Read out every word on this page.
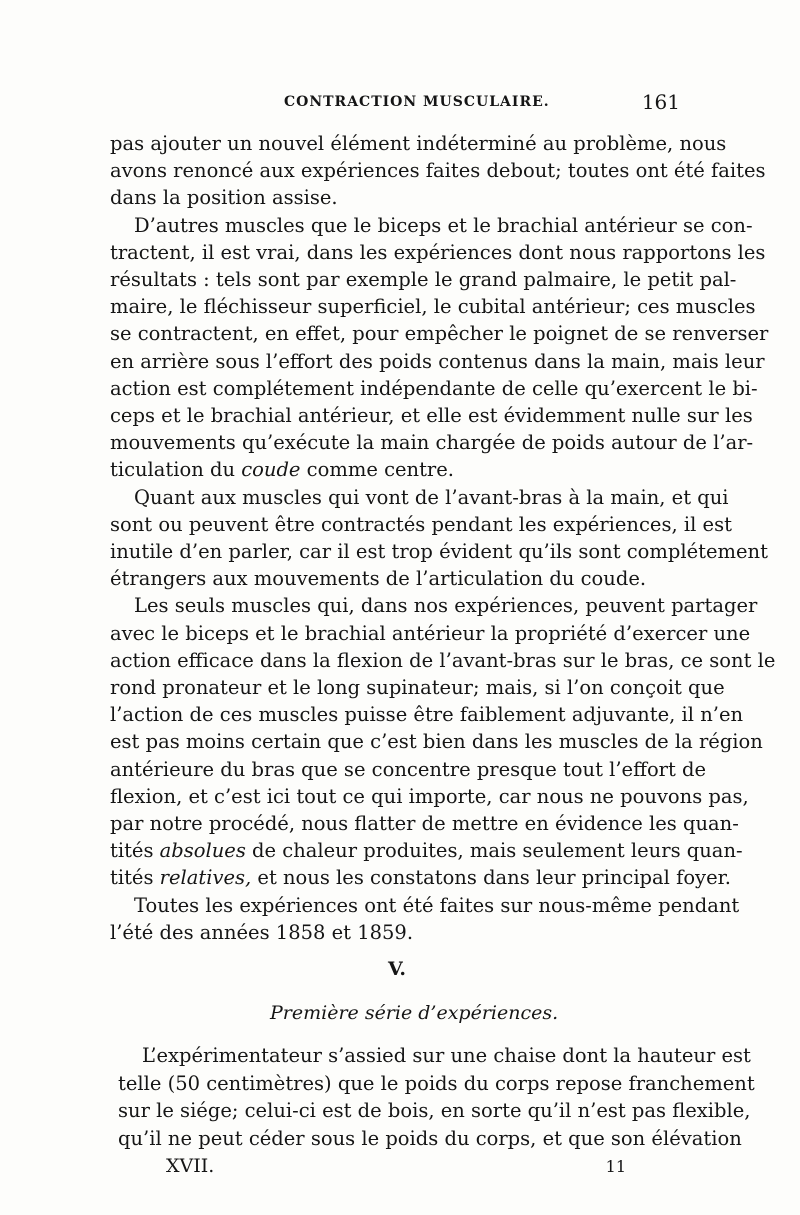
CONTRACTION MUSCULAIRE.	161

pas ajouter un nouvel élément indéterminé au problème, nous
avons renoncé aux expériences faites debout; toutes ont été faites
dans la position assise.

D’autres muscles que le biceps et le brachial antérieur se con-
tractent, il est vrai, dans les expériences dont nous rapportons les
résultats : tels sont par exemple le grand palmaire, le petit pal-
maire, le fléchisseur superficiel, le cubital antérieur; ces muscles
se contractent, en effet, pour empêcher le poignet de se renverser
en arrière sous l’effort des poids contenus dans la main, mais leur
action est complétement indépendante de celle qu’exercent le bi-
ceps et le brachial antérieur, et elle est évidemment nulle sur les
mouvements qu’exécute la main chargée de poids autour de l’ar-
ticulation du coude comme centre.

Quant aux muscles qui vont de l’avant-bras à la main, et qui
sont ou peuvent être contractés pendant les expériences, il est
inutile d’en parler, car il est trop évident qu’ils sont complétement
étrangers aux mouvements de l’articulation du coude.

Les seuls muscles qui, dans nos expériences, peuvent partager
avec le biceps et le brachial antérieur la propriété d’exercer une
action efficace dans la flexion de l’avant-bras sur le bras, ce sont le
rond pronateur et le long supinateur; mais, si l’on conçoit que
l’action de ces muscles puisse être faiblement adjuvante, il n’en
est pas moins certain que c’est bien dans les muscles de la région
antérieure du bras que se concentre presque tout l’effort de
flexion, et c’est ici tout ce qui importe, car nous ne pouvons pas,
par notre procédé, nous flatter de mettre en évidence les quan-
tités absolues de chaleur produites, mais seulement leurs quan-
tités relatives, et nous les constatons dans leur principal foyer.

Toutes les expériences ont été faites sur nous-même pendant
l’été des années 1858 et 1859.

V.
Première série d’expériences.
L’expérimentateur s’assied sur une chaise dont la hauteur est
telle (50 centimètres) que le poids du corps repose franchement
sur le siége; celui-ci est de bois, en sorte qu’il n’est pas flexible,
qu’il ne peut céder sous le poids du corps, et que son élévation
XVII.	11
